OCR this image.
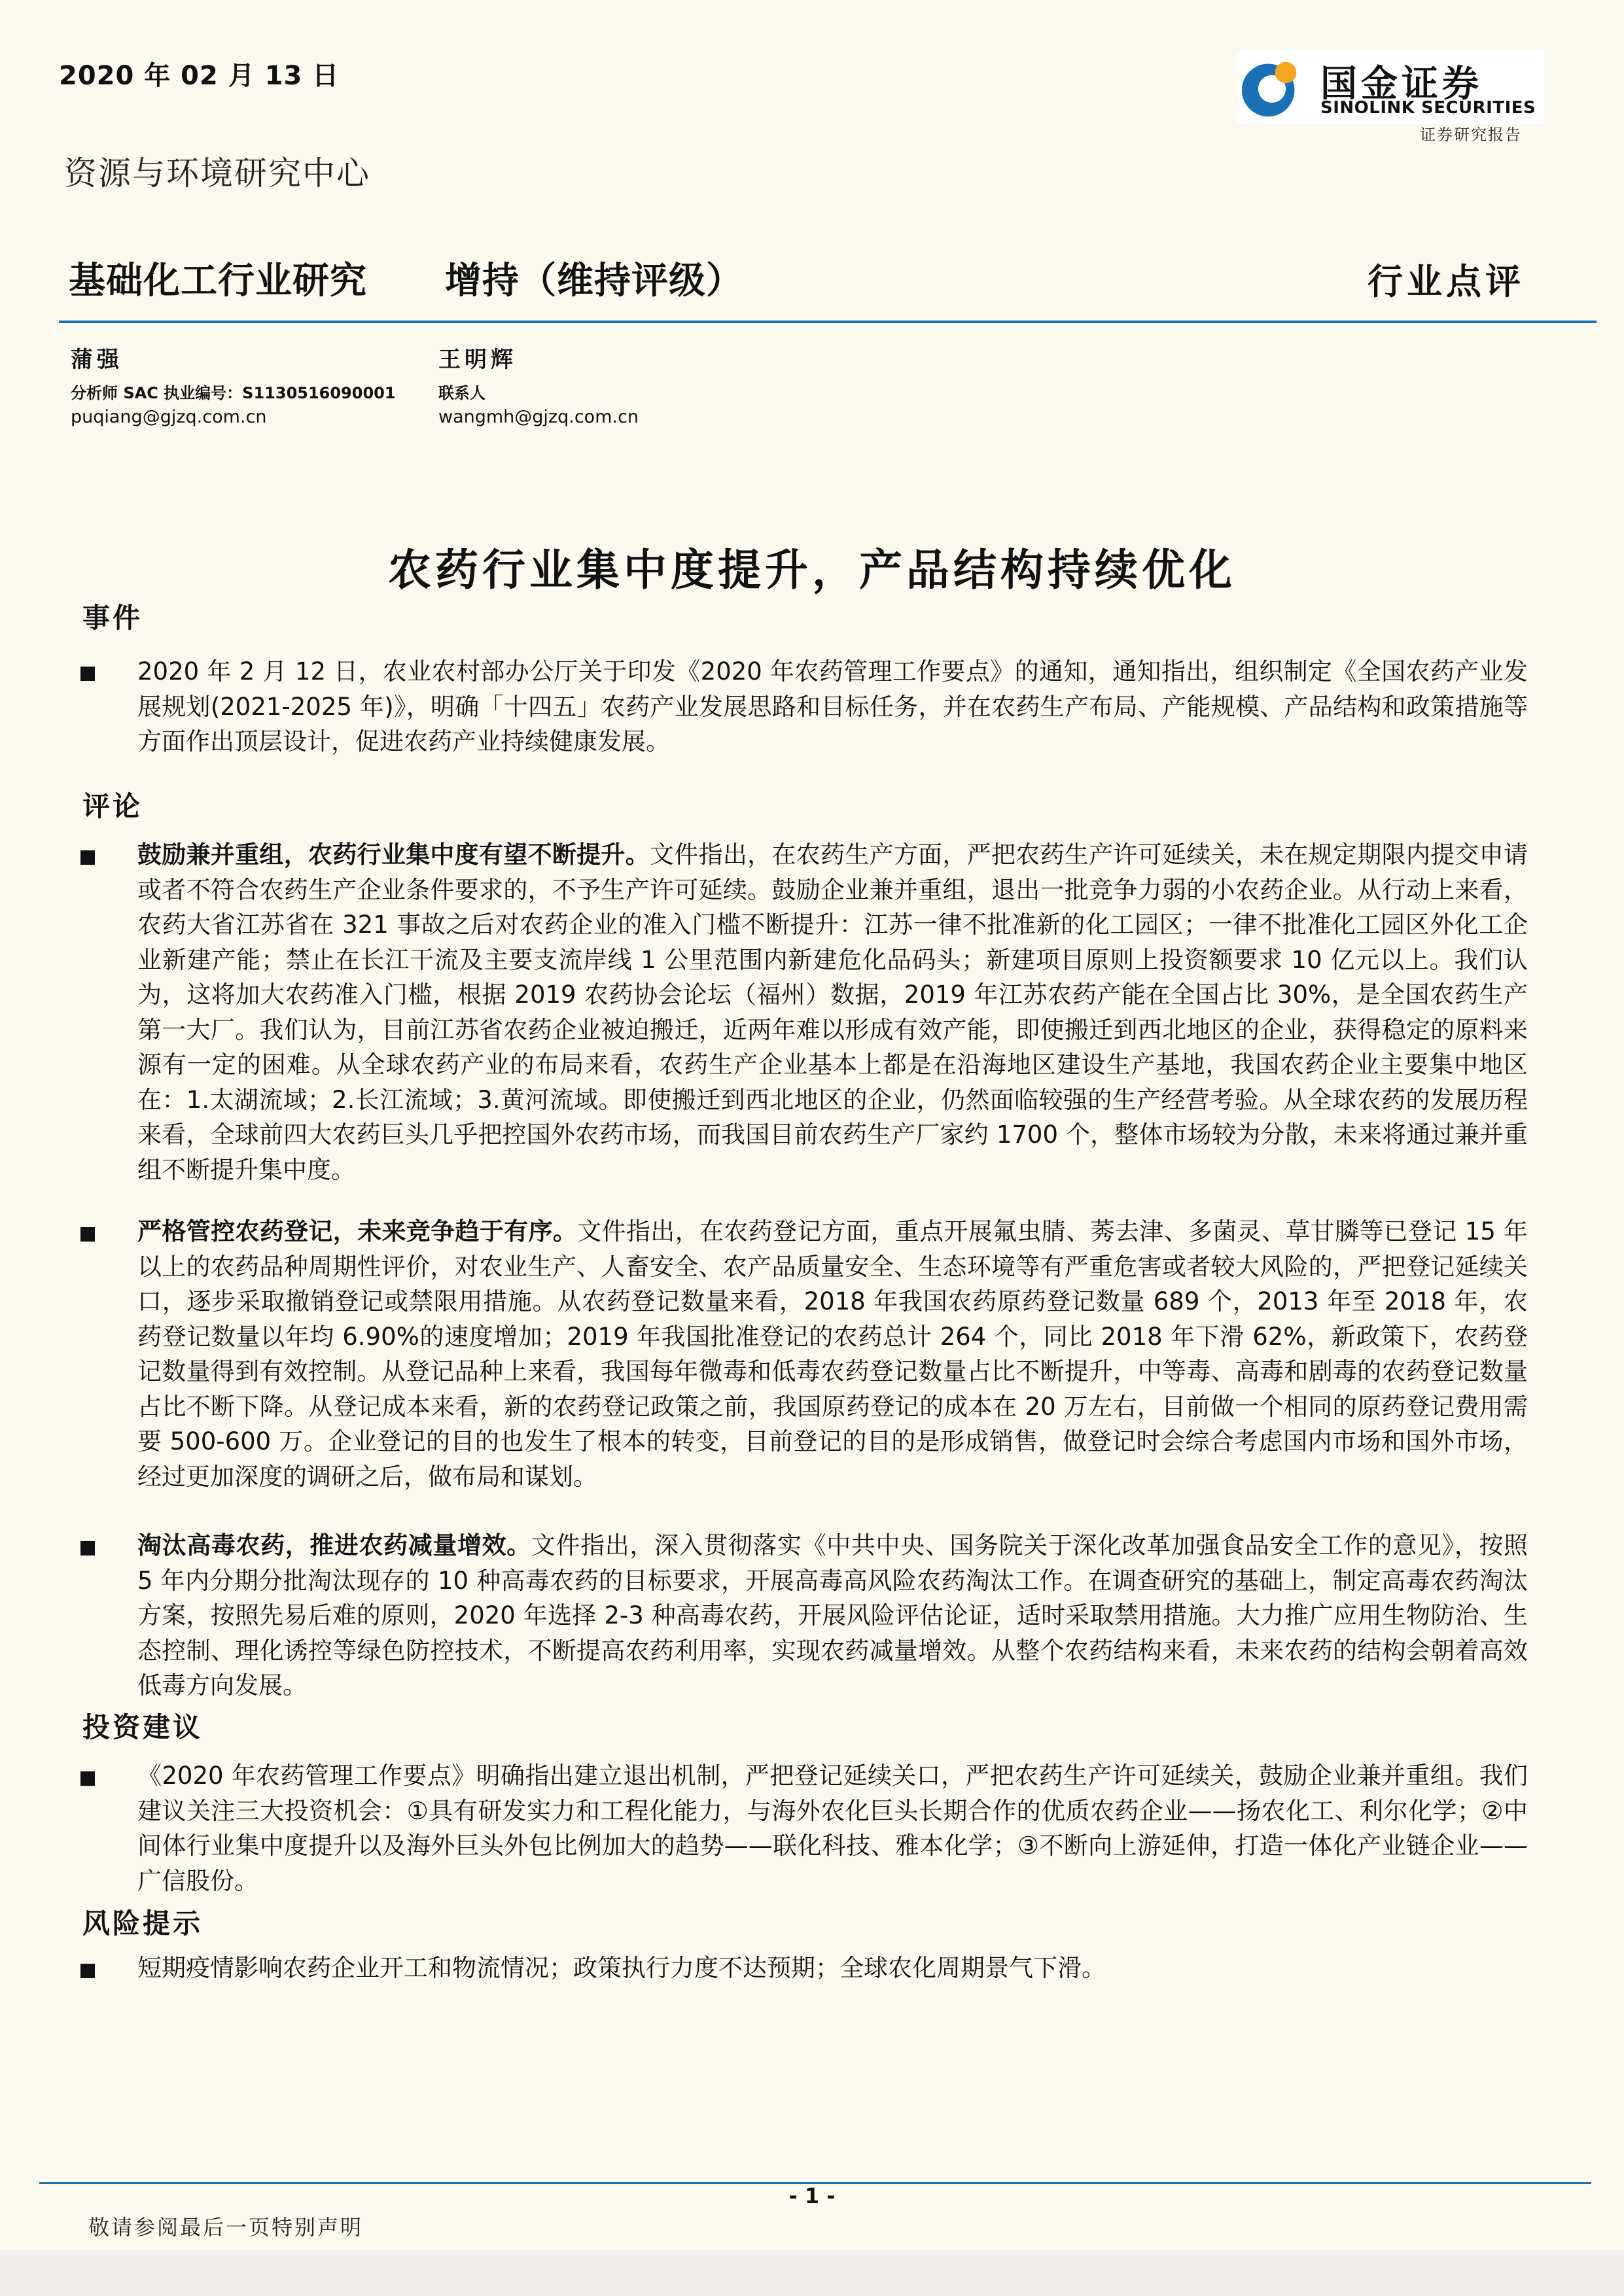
2020 年 02 月 13 日
资源与环境研究中心
国金证券
SINOLINK SECURITIES
证券研究报告
基础化工行业研究 增持（维持评级）	行业点评
蒲强
分析师 SAC 执业编号：S1130516090001
puqiang@gjzq.com.cn
王明辉
联系人
wangmh@gjzq.com.cn
农药行业集中度提升，产品结构持续优化
事件
2020 年 2 月 12 日，农业农村部办公厅关于印发《2020 年农药管理工作要点》的通知，通知指出，组织制定《全国农药产业发展规划(2021-2025 年)》，明确「十四五」农药产业发展思路和目标任务，并在农药生产布局、产能规模、产品结构和政策措施等方面作出顶层设计，促进农药产业持续健康发展。
评论
鼓励兼并重组，农药行业集中度有望不断提升。文件指出，在农药生产方面，严把农药生产许可延续关，未在规定期限内提交申请或者不符合农药生产企业条件要求的，不予生产许可延续。鼓励企业兼并重组，退出一批竞争力弱的小农药企业。从行动上来看，农药大省江苏省在 321 事故之后对农药企业的准入门槛不断提升：江苏一律不批准新的化工园区；一律不批准化工园区外化工企业新建产能；禁止在长江干流及主要支流岸线 1 公里范围内新建危化品码头；新建项目原则上投资额要求 10 亿元以上。我们认为，这将加大农药准入门槛，根据 2019 农药协会论坛（福州）数据，2019 年江苏农药产能在全国占比 30%，是全国农药生产第一大厂。我们认为，目前江苏省农药企业被迫搬迁，近两年难以形成有效产能，即使搬迁到西北地区的企业，获得稳定的原料来源有一定的困难。从全球农药产业的布局来看，农药生产企业基本上都是在沿海地区建设生产基地，我国农药企业主要集中地区在：1.太湖流域；2.长江流域；3.黄河流域。即使搬迁到西北地区的企业，仍然面临较强的生产经营考验。从全球农药的发展历程来看，全球前四大农药巨头几乎把控国外农药市场，而我国目前农药生产厂家约 1700 个，整体市场较为分散，未来将通过兼并重组不断提升集中度。
严格管控农药登记，未来竞争趋于有序。文件指出，在农药登记方面，重点开展氟虫腈、莠去津、多菌灵、草甘膦等已登记 15 年以上的农药品种周期性评价，对农业生产、人畜安全、农产品质量安全、生态环境等有严重危害或者较大风险的，严把登记延续关口，逐步采取撤销登记或禁限用措施。从农药登记数量来看，2018 年我国农药原药登记数量 689 个，2013 年至 2018 年，农药登记数量以年均 6.90%的速度增加；2019 年我国批准登记的农药总计 264 个，同比 2018 年下滑 62%，新政策下，农药登记数量得到有效控制。从登记品种上来看，我国每年微毒和低毒农药登记数量占比不断提升，中等毒、高毒和剧毒的农药登记数量占比不断下降。从登记成本来看，新的农药登记政策之前，我国原药登记的成本在 20 万左右，目前做一个相同的原药登记费用需要 500-600 万。企业登记的目的也发生了根本的转变，目前登记的目的是形成销售，做登记时会综合考虑国内市场和国外市场，经过更加深度的调研之后，做布局和谋划。
淘汰高毒农药，推进农药减量增效。文件指出，深入贯彻落实《中共中央、国务院关于深化改革加强食品安全工作的意见》，按照 5 年内分期分批淘汰现存的 10 种高毒农药的目标要求，开展高毒高风险农药淘汰工作。在调查研究的基础上，制定高毒农药淘汰方案，按照先易后难的原则，2020 年选择 2-3 种高毒农药，开展风险评估论证，适时采取禁用措施。大力推广应用生物防治、生态控制、理化诱控等绿色防控技术，不断提高农药利用率，实现农药减量增效。从整个农药结构来看，未来农药的结构会朝着高效低毒方向发展。
投资建议
《2020 年农药管理工作要点》明确指出建立退出机制，严把登记延续关口，严把农药生产许可延续关，鼓励企业兼并重组。我们建议关注三大投资机会：①具有研发实力和工程化能力，与海外农化巨头长期合作的优质农药企业——扬农化工、利尔化学；②中间体行业集中度提升以及海外巨头外包比例加大的趋势——联化科技、雅本化学；③不断向上游延伸，打造一体化产业链企业——广信股份。
风险提示
短期疫情影响农药企业开工和物流情况；政策执行力度不达预期；全球农化周期景气下滑。
- 1 -
敬请参阅最后一页特别声明
